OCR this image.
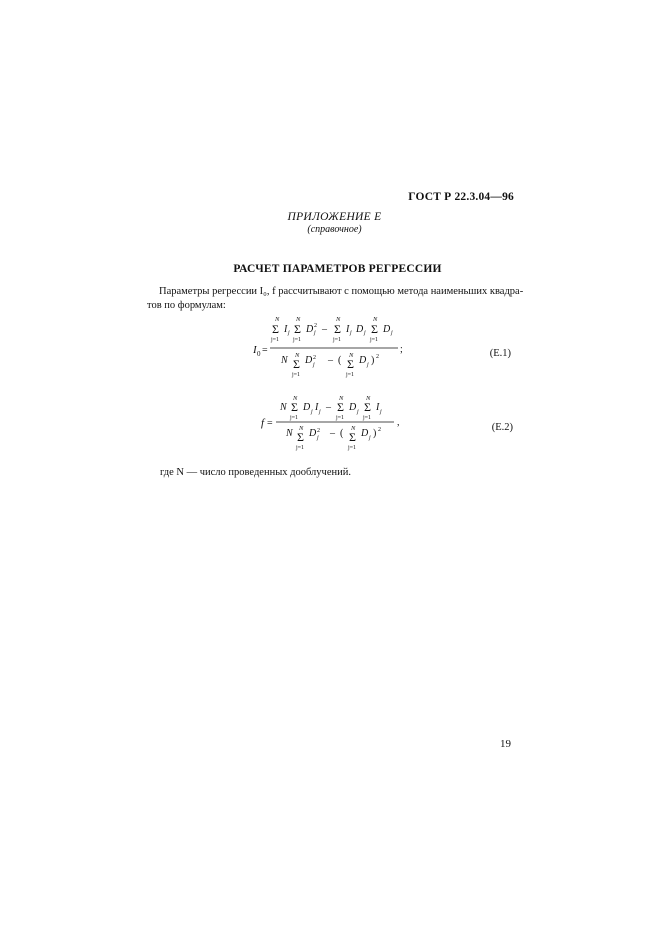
ГОСТ Р 22.3.04—96
ПРИЛОЖЕНИЕ Е
(справочное)
РАСЧЕТ ПАРАМЕТРОВ РЕГРЕССИИ
Параметры регрессии I₀, f рассчитывают с помощью метода наименьших квадра-
тов по формулам:
I 0 =
N
Σ
j=1
I j
N
Σ
j=1
D j
2 –
N
Σ
j=1
I j D j
N
Σ
j=1
D j
;
N N
Σ
j=1
D j
2 – ( N
Σ
j=1
D j ) 2	(E.1)
f =
N
N
Σ
j=1
D j I j –
N
Σ
j=1
D j
N
Σ
j=1
I j
,
N N
Σ
j=1
D j
2 – ( N
Σ
j=1
D j ) 2	(E.2)
где N — число проведенных дооблучений.
19
